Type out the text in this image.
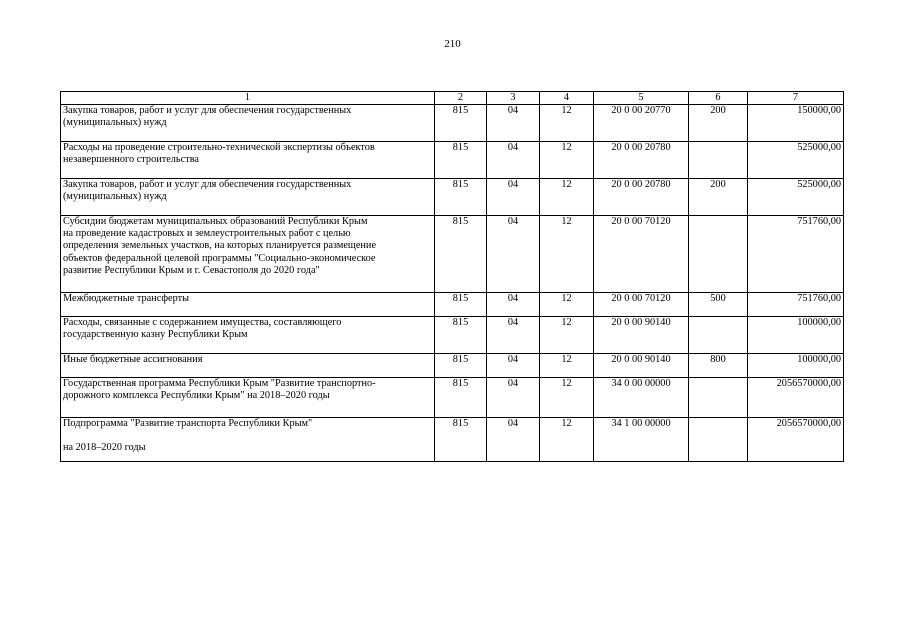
210
1	2	3	4	5	6	7

Закупка товаров, работ и услуг для обеспечения государственных
(муниципальных) нужд	815	04	12	20 0 00 20770	200	150000,00

Расходы на проведение строительно-технической экспертизы объектов
незавершенного строительства	815	04	12	20 0 00 20780		525000,00

Закупка товаров, работ и услуг для обеспечения государственных
(муниципальных) нужд	815	04	12	20 0 00 20780	200	525000,00

Субсидии бюджетам муниципальных образований Республики Крым
на проведение кадастровых и землеустроительных работ с целью
определения земельных участков, на которых планируется размещение
объектов федеральной целевой программы "Социально-экономическое
развитие Республики Крым и г. Севастополя до 2020 года"	815	04	12	20 0 00 70120		751760,00

Межбюджетные трансферты	815	04	12	20 0 00 70120	500	751760,00

Расходы, связанные с содержанием имущества, составляющего
государственную казну Республики Крым	815	04	12	20 0 00 90140		100000,00

Иные бюджетные ассигнования	815	04	12	20 0 00 90140	800	100000,00

Государственная программа Республики Крым "Развитие транспортно-
дорожного комплекса Республики Крым" на 2018–2020 годы	815	04	12	34 0 00 00000		2056570000,00

Подпрограмма "Развитие транспорта Республики Крым"
на 2018–2020 годы	815	04	12	34 1 00 00000		2056570000,00
